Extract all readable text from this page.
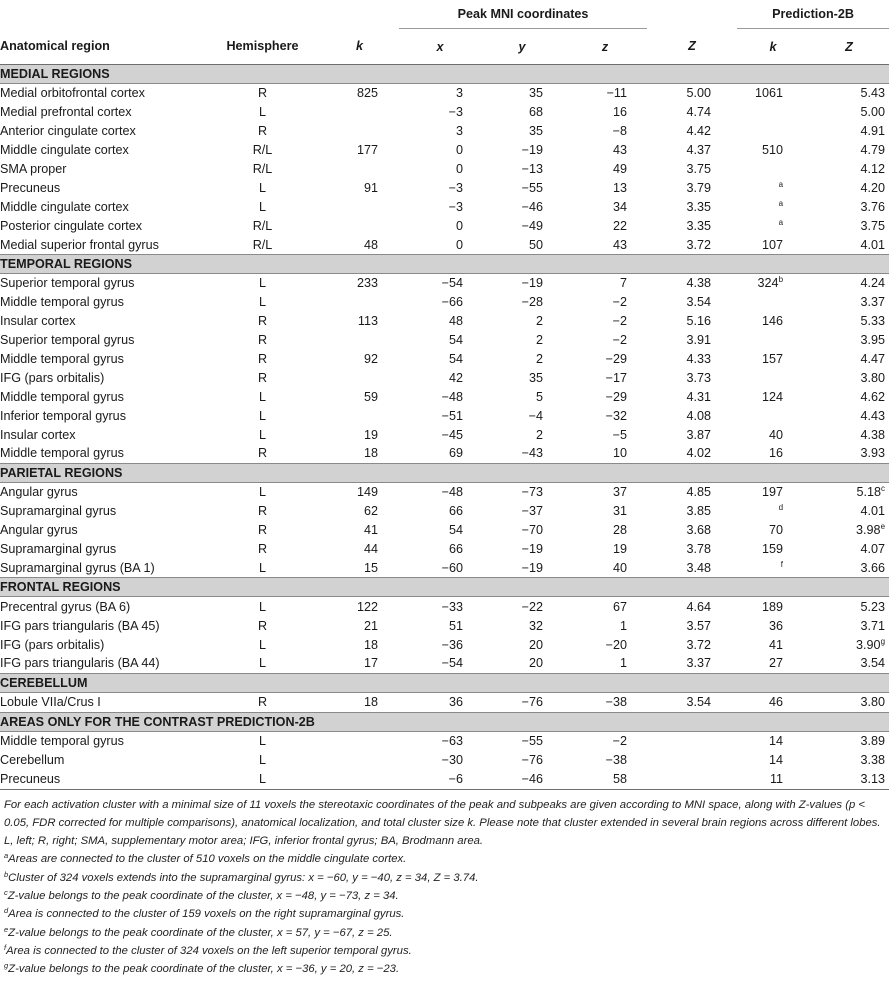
			Peak MNI coordinates				Prediction-2B	
Anatomical region	Hemisphere	k	x	y	z	Z	k	Z
MEDIAL REGIONS								
Medial orbitofrontal cortex	R	825	3	35	−11	5.00	1061	5.43
Medial prefrontal cortex	L		−3	68	16	4.74		5.00
Anterior cingulate cortex	R		3	35	−8	4.42		4.91
Middle cingulate cortex	R/L	177	0	−19	43	4.37	510	4.79
SMA proper	R/L		0	−13	49	3.75		4.12
Precuneus	L	91	−3	−55	13	3.79	$^a$	4.20
Middle cingulate cortex	L		−3	−46	34	3.35	$^a$	3.76
Posterior cingulate cortex	R/L		0	−49	22	3.35	$^a$	3.75
Medial superior frontal gyrus	R/L	48	0	50	43	3.72	107	4.01
TEMPORAL REGIONS								
Superior temporal gyrus	L	233	−54	−19	7	4.38	324$^b$	4.24
Middle temporal gyrus	L		−66	−28	−2	3.54		3.37
Insular cortex	R	113	48	2	−2	5.16	146	5.33
Superior temporal gyrus	R		54	2	−2	3.91		3.95
Middle temporal gyrus	R	92	54	2	−29	4.33	157	4.47
IFG (pars orbitalis)	R		42	35	−17	3.73		3.80
Middle temporal gyrus	L	59	−48	5	−29	4.31	124	4.62
Inferior temporal gyrus	L		−51	−4	−32	4.08		4.43
Insular cortex	L	19	−45	2	−5	3.87	40	4.38
Middle temporal gyrus	R	18	69	−43	10	4.02	16	3.93
PARIETAL REGIONS								
Angular gyrus	L	149	−48	−73	37	4.85	197	5.18$^c$
Supramarginal gyrus	R	62	66	−37	31	3.85	$^d$	4.01
Angular gyrus	R	41	54	−70	28	3.68	70	3.98e
Supramarginal gyrus	R	44	66	−19	19	3.78	159	4.07
Supramarginal gyrus (BA 1)	L	15	−60	−19	40	3.48	$^f$	3.66
FRONTAL REGIONS								
Precentral gyrus (BA 6)	L	122	−33	−22	67	4.64	189	5.23
IFG pars triangularis (BA 45)	R	21	51	32	1	3.57	36	3.71
IFG (pars orbitalis)	L	18	−36	20	−20	3.72	41	3.90$^g$
IFG pars triangularis (BA 44)	L	17	−54	20	1	3.37	27	3.54
CEREBELLUM								
Lobule VIIa/Crus I	R	18	36	−76	−38	3.54	46	3.80
AREAS ONLY FOR THE CONTRAST PREDICTION-2B								
Middle temporal gyrus	L		−63	−55	−2		14	3.89
Cerebellum	L		−30	−76	−38		14	3.38
Precuneus	L		−6	−46	58		11	3.13

For each activation cluster with a minimal size of 11 voxels the stereotaxic coordinates of the peak and subpeaks are given according to MNI space, along with Z-values (p < 0.05, FDR corrected for multiple comparisons), anatomical localization, and total cluster size k. Please note that cluster extended in several brain regions across different lobes. L, left; R, right; SMA, supplementary motor area; IFG, inferior frontal gyrus; BA, Brodmann area.

$^a$Areas are connected to the cluster of 510 voxels on the middle cingulate cortex.

$^b$Cluster of 324 voxels extends into the supramarginal gyrus: x = −60, y = −40, z = 34, Z = 3.74.

$^c$Z-value belongs to the peak coordinate of the cluster, x = −48, y = −73, z = 34.

$^d$Area is connected to the cluster of 159 voxels on the right supramarginal gyrus.

$^e$Z-value belongs to the peak coordinate of the cluster, x = 57, y = −67, z = 25.

$^f$Area is connected to the cluster of 324 voxels on the left superior temporal gyrus.

$^g$Z-value belongs to the peak coordinate of the cluster, x = −36, y = 20, z = −23.
